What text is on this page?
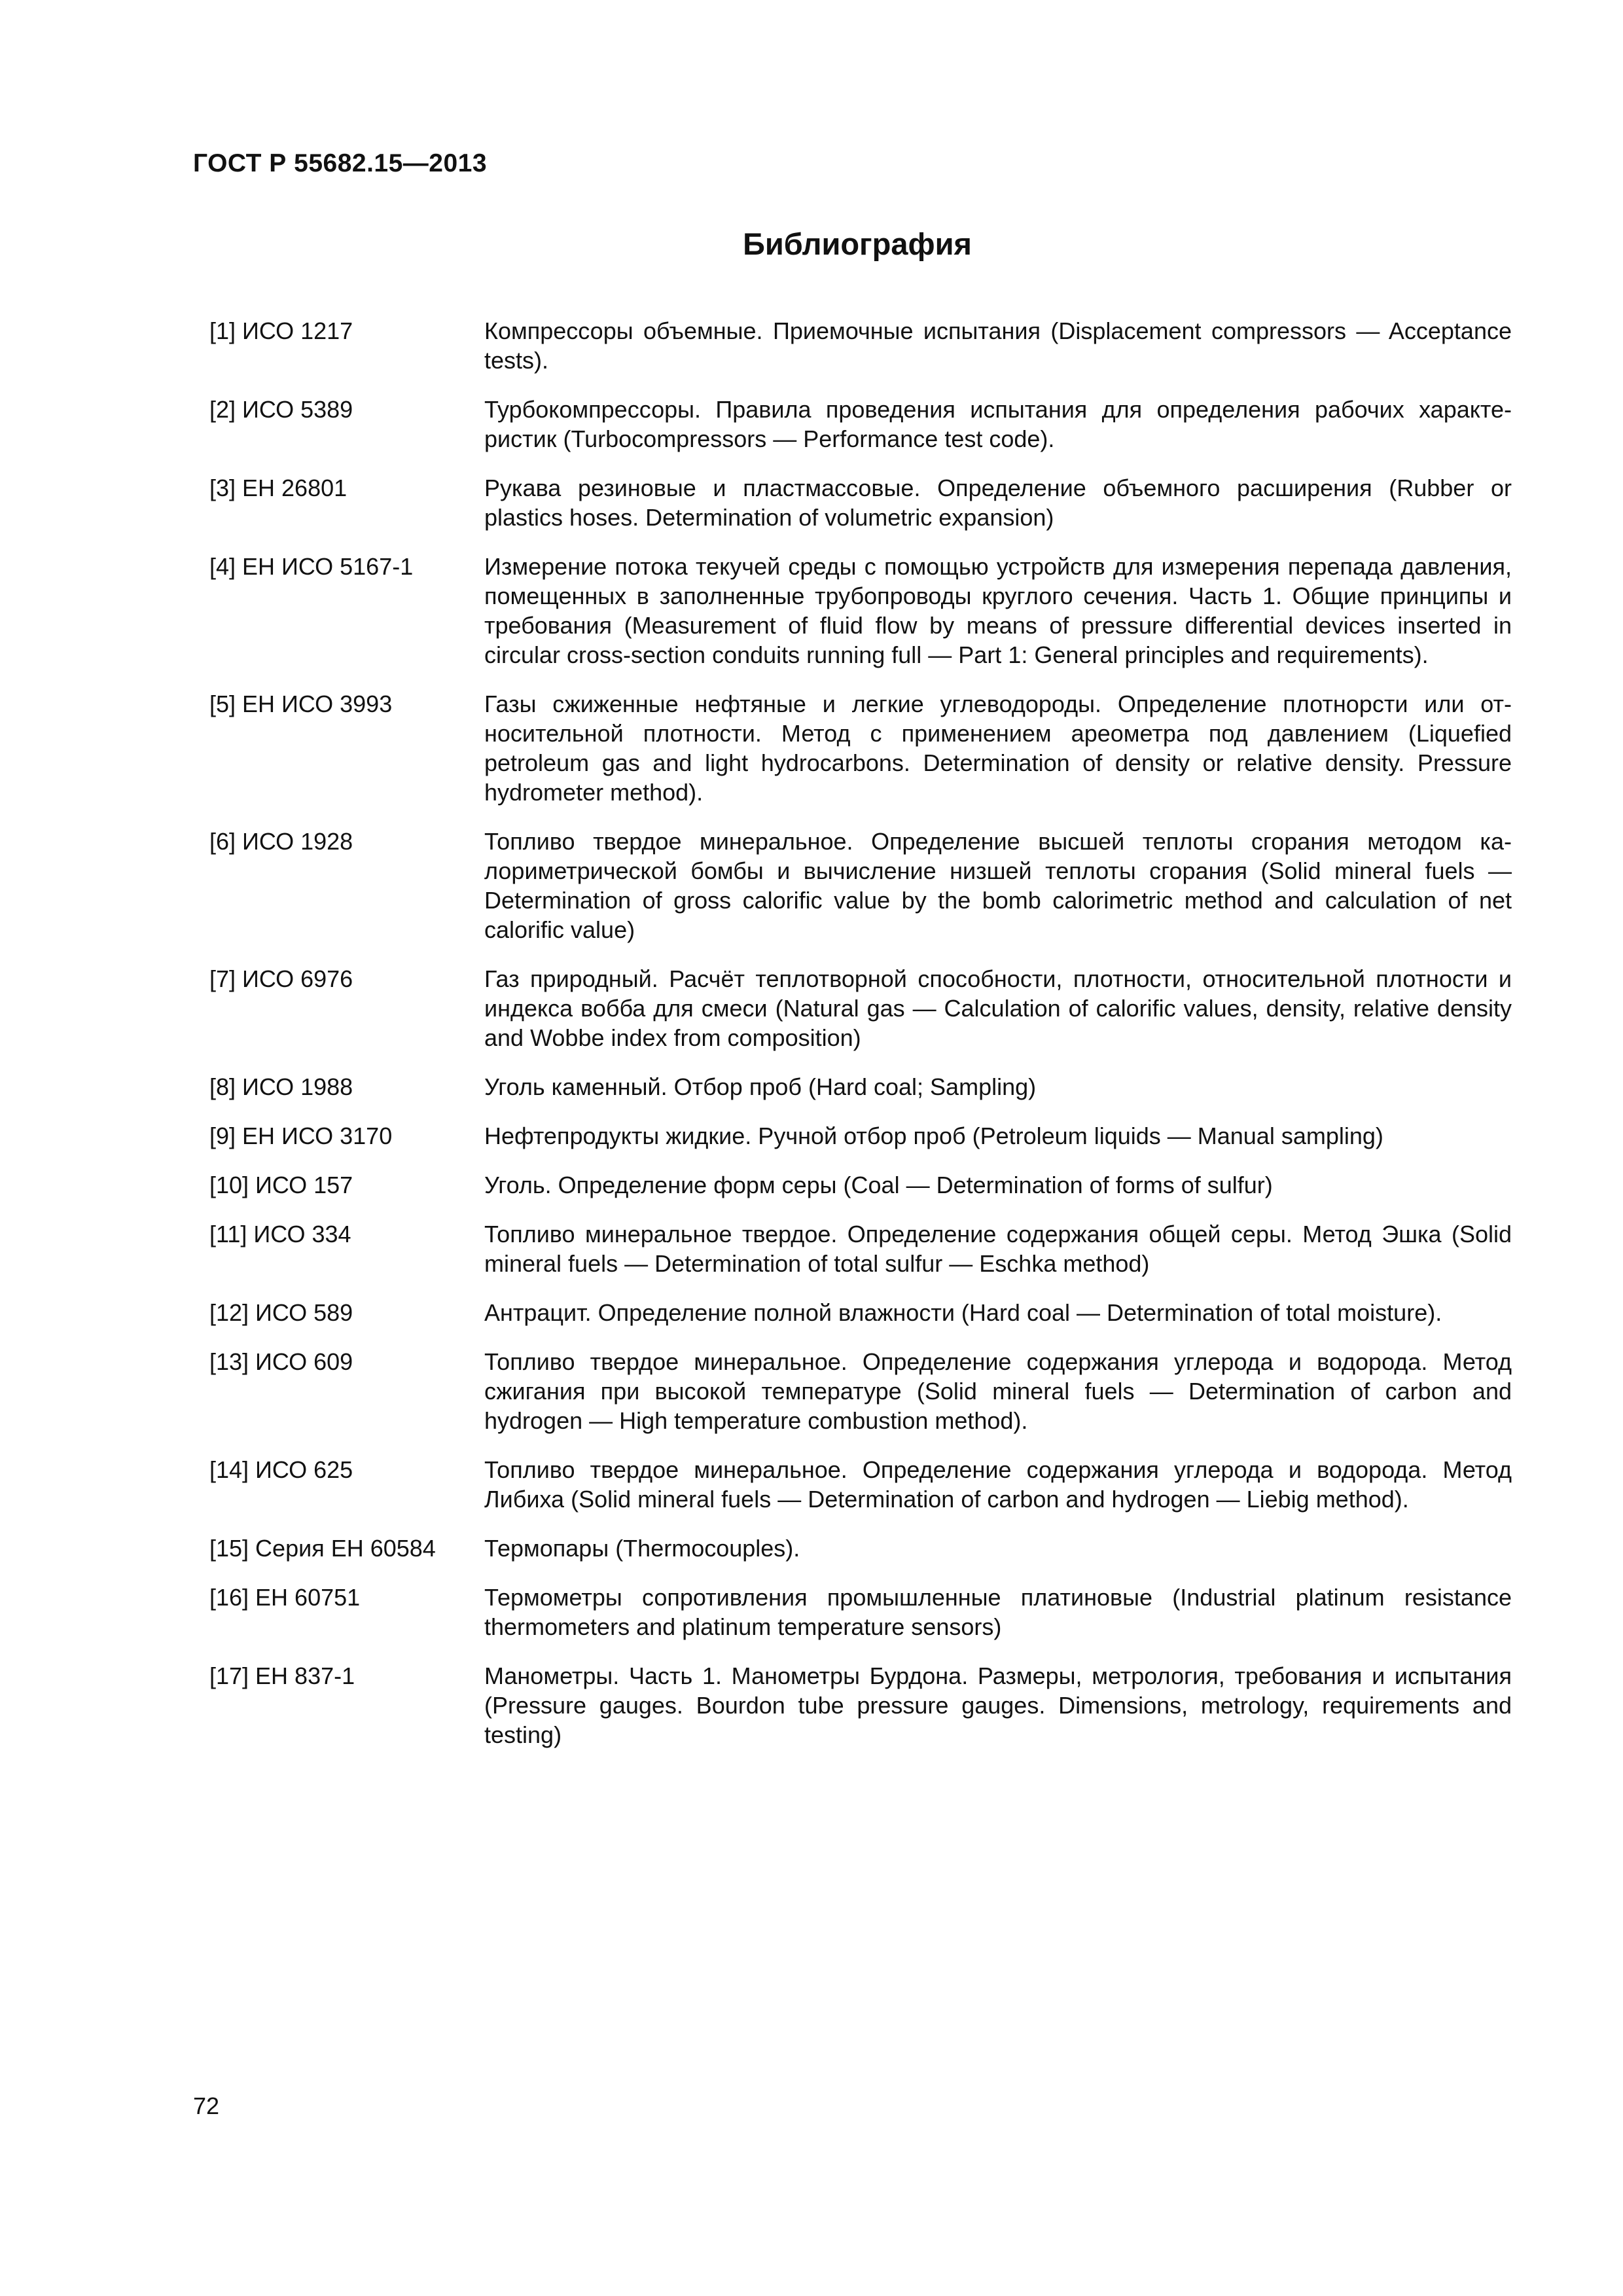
ГОСТ Р 55682.15—2013
Библиография
[1] ИСО 1217	Компрессоры объемные. Приемочные испытания (Displacement compressors — Acceptance tests).
[2] ИСО 5389	Турбокомпрессоры. Правила проведения испытания для определения рабочих характеристик (Turbocompressors — Performance test code).
[3] ЕН 26801	Рукава резиновые и пластмассовые. Определение объемного расширения (Rubber or plastics hoses. Determination of volumetric expansion)
[4] ЕН ИСО 5167-1	Измерение потока текучей среды с помощью устройств для измерения перепада давления, помещенных в заполненные трубопроводы круглого сечения. Часть 1. Общие принципы и требования (Measurement of fluid flow by means of pressure differential devices inserted in circular cross-section conduits running full — Part 1: General principles and requirements).
[5] ЕН ИСО 3993	Газы сжиженные нефтяные и легкие углеводороды. Определение плотнорсти или относительной плотности. Метод с применением ареометра под давлением (Liquefied petroleum gas and light hydrocarbons. Determination of density or relative density. Pressure hydrometer method).
[6] ИСО 1928	Топливо твердое минеральное. Определение высшей теплоты сгорания методом калориметрической бомбы и вычисление низшей теплоты сгорания (Solid mineral fuels — Determination of gross calorific value by the bomb calorimetric method and calculation of net calorific value)
[7] ИСО 6976	Газ природный. Расчёт теплотворной способности, плотности, относительной плотности и индекса вобба для смеси (Natural gas — Calculation of calorific values, density, relative density and Wobbe index from composition)
[8] ИСО 1988	Уголь каменный. Отбор проб (Hard coal; Sampling)
[9] ЕН ИСО 3170	Нефтепродукты жидкие. Ручной отбор проб (Petroleum liquids — Manual sampling)
[10] ИСО 157	Уголь. Определение форм серы (Coal — Determination of forms of sulfur)
[11] ИСО 334	Топливо минеральное твердое. Определение содержания общей серы. Метод Эшка (Solid mineral fuels — Determination of total sulfur — Eschka method)
[12] ИСО 589	Антрацит. Определение полной влажности (Hard coal — Determination of total moisture).
[13] ИСО 609	Топливо твердое минеральное. Определение содержания углерода и водорода. Метод сжигания при высокой температуре (Solid mineral fuels — Determination of carbon and hydrogen — High temperature combustion method).
[14] ИСО 625	Топливо твердое минеральное. Определение содержания углерода и водорода. Метод Либиха (Solid mineral fuels — Determination of carbon and hydrogen — Liebig method).
[15] Серия ЕН 60584	Термопары (Thermocouples).
[16] ЕН 60751	Термометры сопротивления промышленные платиновые (Industrial platinum resistance thermometers and platinum temperature sensors)
[17] ЕН 837-1	Манометры. Часть 1. Манометры Бурдона. Размеры, метрология, требования и испытания (Pressure gauges. Bourdon tube pressure gauges. Dimensions, metrology, requirements and testing)
72
